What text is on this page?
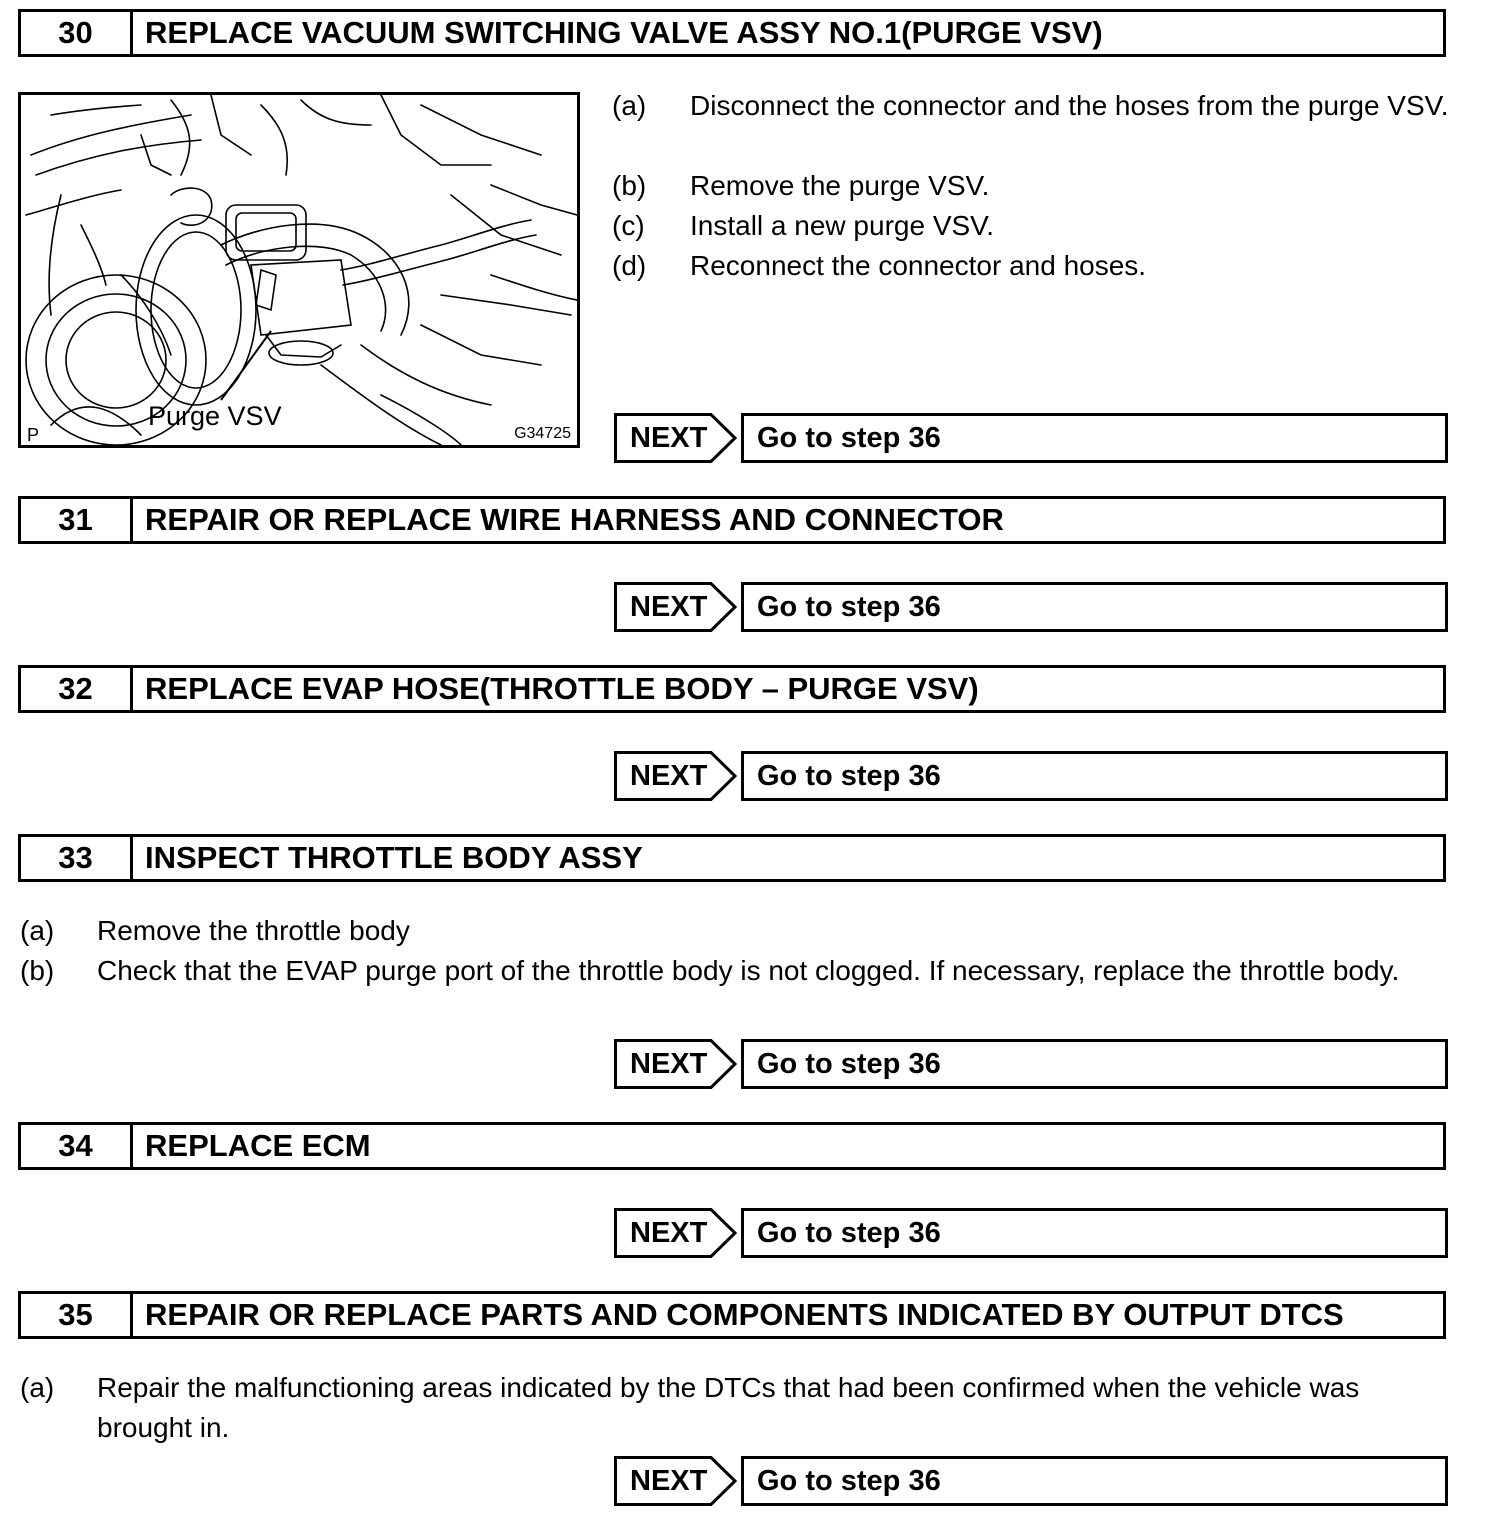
30	REPLACE VACUUM SWITCHING VALVE ASSY NO.1(PURGE VSV)
Purge VSV
P	G34725
(a)	Disconnect the connector and the hoses from the purge VSV.
(b)	Remove the purge VSV.
(c)	Install a new purge VSV.
(d)	Reconnect the connector and hoses.
NEXT	Go to step 36
31	REPAIR OR REPLACE WIRE HARNESS AND CONNECTOR
NEXT	Go to step 36
32	REPLACE EVAP HOSE(THROTTLE BODY – PURGE VSV)
NEXT	Go to step 36
33	INSPECT THROTTLE BODY ASSY
(a)	Remove the throttle body
(b)	Check that the EVAP purge port of the throttle body is not clogged. If necessary, replace the throttle body.
NEXT	Go to step 36
34	REPLACE ECM
NEXT	Go to step 36
35	REPAIR OR REPLACE PARTS AND COMPONENTS INDICATED BY OUTPUT DTCS
(a)	Repair the malfunctioning areas indicated by the DTCs that had been confirmed when the vehicle was brought in.
NEXT	Go to step 36
